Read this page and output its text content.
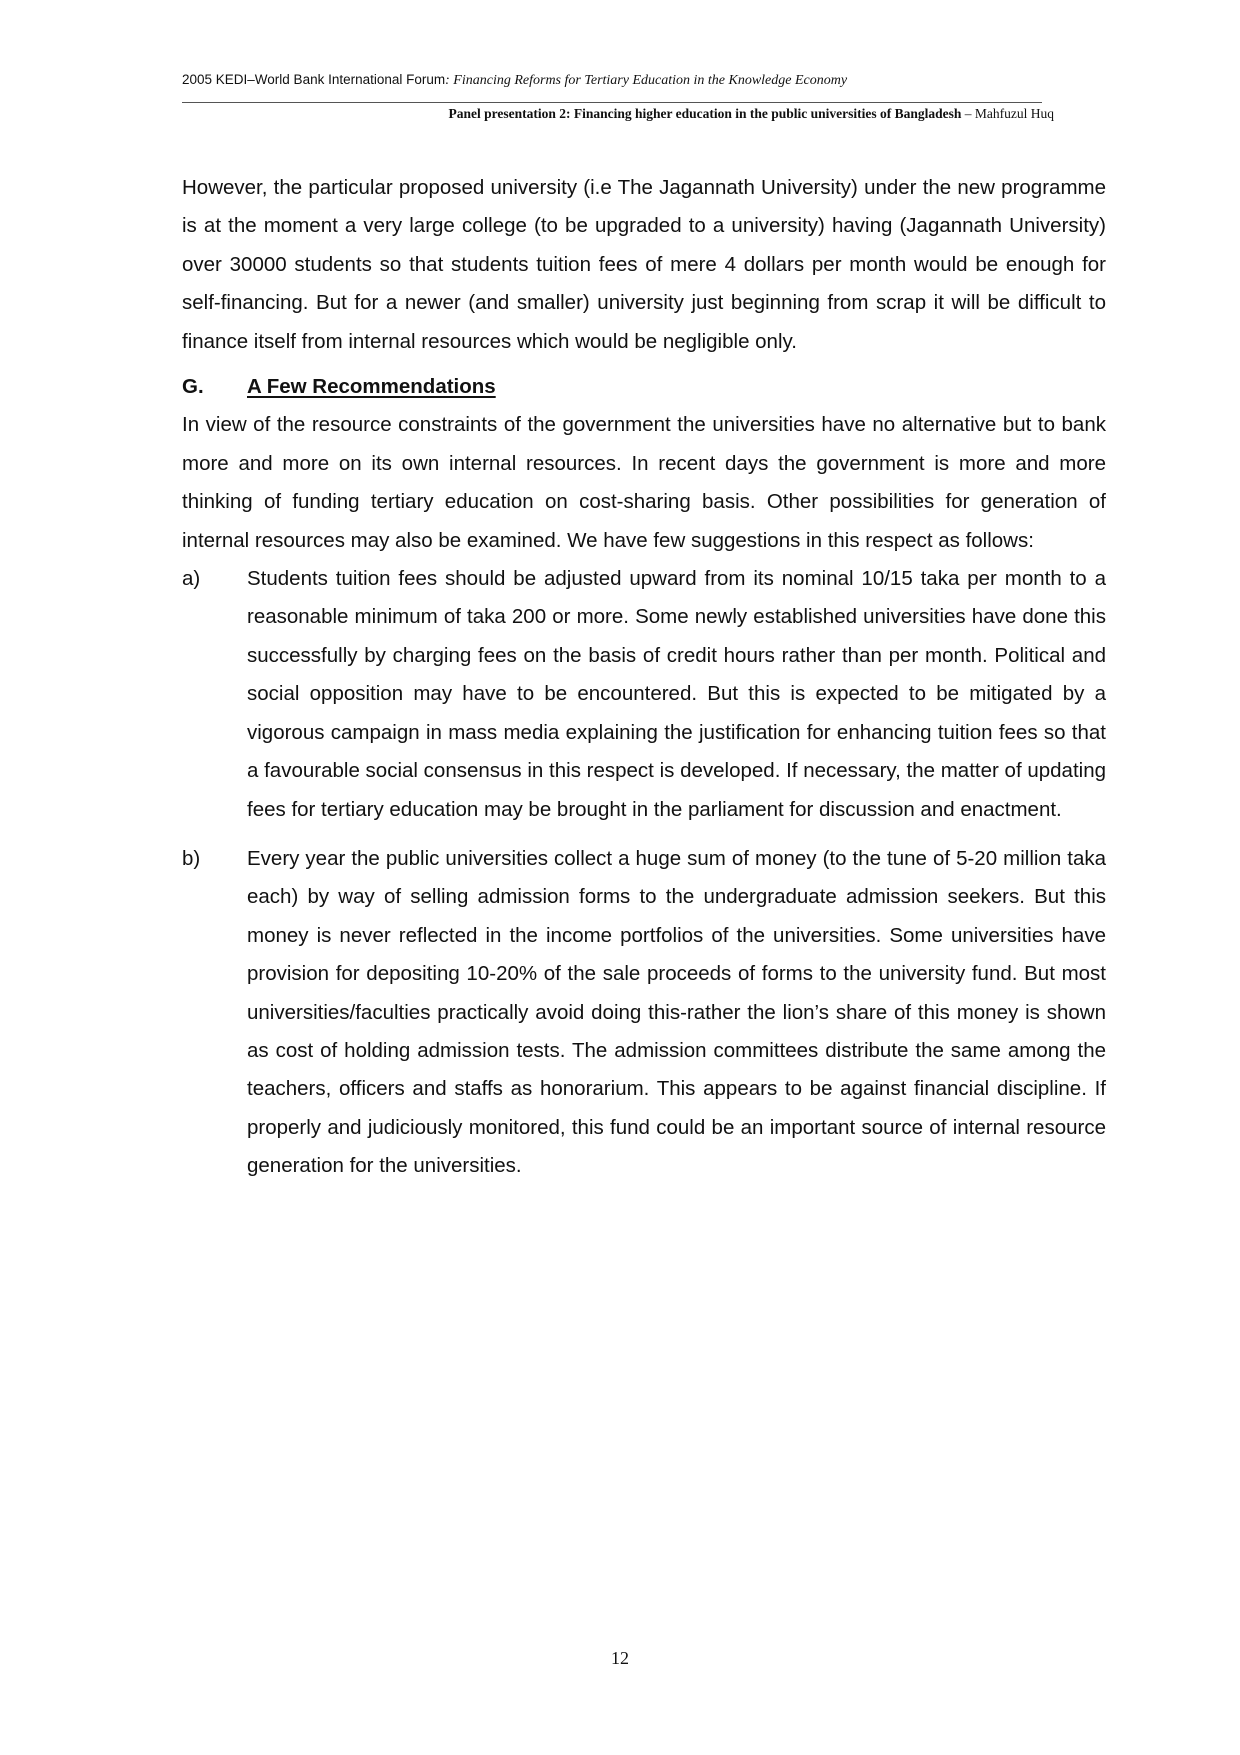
2005 KEDI–World Bank International Forum: Financing Reforms for Tertiary Education in the Knowledge Economy
Panel presentation 2: Financing higher education in the public universities of Bangladesh – Mahfuzul Huq

However, the particular proposed university (i.e The Jagannath University) under the new programme is at the moment a very large college (to be upgraded to a university) having (Jagannath University) over 30000 students so that students tuition fees of mere 4 dollars per month would be enough for self-financing. But for a newer (and smaller) university just beginning from scrap it will be difficult to finance itself from internal resources which would be negligible only.

G.	A Few Recommendations

In view of the resource constraints of the government the universities have no alternative but to bank more and more on its own internal resources. In recent days the government is more and more thinking of funding tertiary education on cost-sharing basis. Other possibilities for generation of internal resources may also be examined. We have few suggestions in this respect as follows:

a)	Students tuition fees should be adjusted upward from its nominal 10/15 taka per month to a reasonable minimum of taka 200 or more. Some newly established universities have done this successfully by charging fees on the basis of credit hours rather than per month. Political and social opposition may have to be encountered. But this is expected to be mitigated by a vigorous campaign in mass media explaining the justification for enhancing tuition fees so that a favourable social consensus in this respect is developed. If necessary, the matter of updating fees for tertiary education may be brought in the parliament for discussion and enactment.
b)	Every year the public universities collect a huge sum of money (to the tune of 5-20 million taka each) by way of selling admission forms to the undergraduate admission seekers. But this money is never reflected in the income portfolios of the universities. Some universities have provision for depositing 10-20% of the sale proceeds of forms to the university fund. But most universities/faculties practically avoid doing this-rather the lion’s share of this money is shown as cost of holding admission tests. The admission committees distribute the same among the teachers, officers and staffs as honorarium. This appears to be against financial discipline. If properly and judiciously monitored, this fund could be an important source of internal resource generation for the universities.
12
